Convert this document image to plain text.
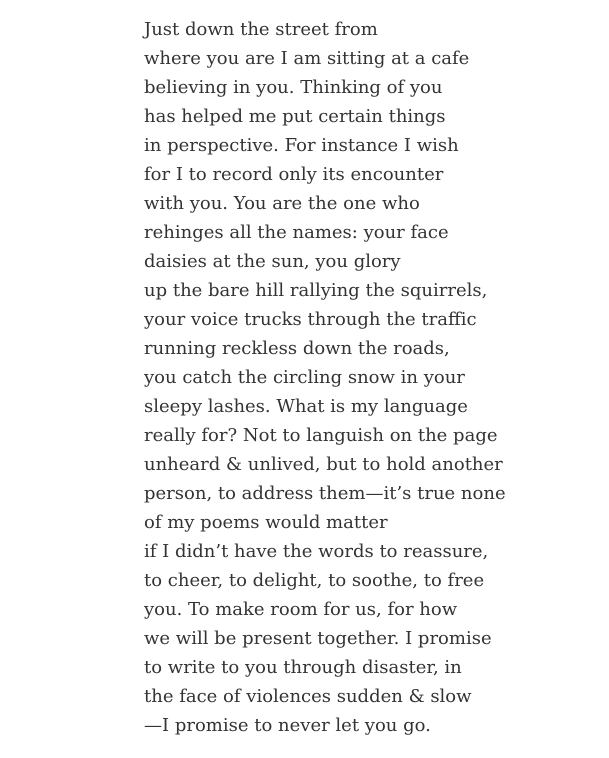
Just down the street from
where you are I am sitting at a cafe
believing in you. Thinking of you
has helped me put certain things
in perspective. For instance I wish
for I to record only its encounter
with you. You are the one who
rehinges all the names: your face
daisies at the sun, you glory
up the bare hill rallying the squirrels,
your voice trucks through the traffic
running reckless down the roads,
you catch the circling snow in your
sleepy lashes. What is my language
really for? Not to languish on the page
unheard & unlived, but to hold another
person, to address them—it’s true none
of my poems would matter
if I didn’t have the words to reassure,
to cheer, to delight, to soothe, to free
you. To make room for us, for how
we will be present together. I promise
to write to you through disaster, in
the face of violences sudden & slow
—I promise to never let you go.
